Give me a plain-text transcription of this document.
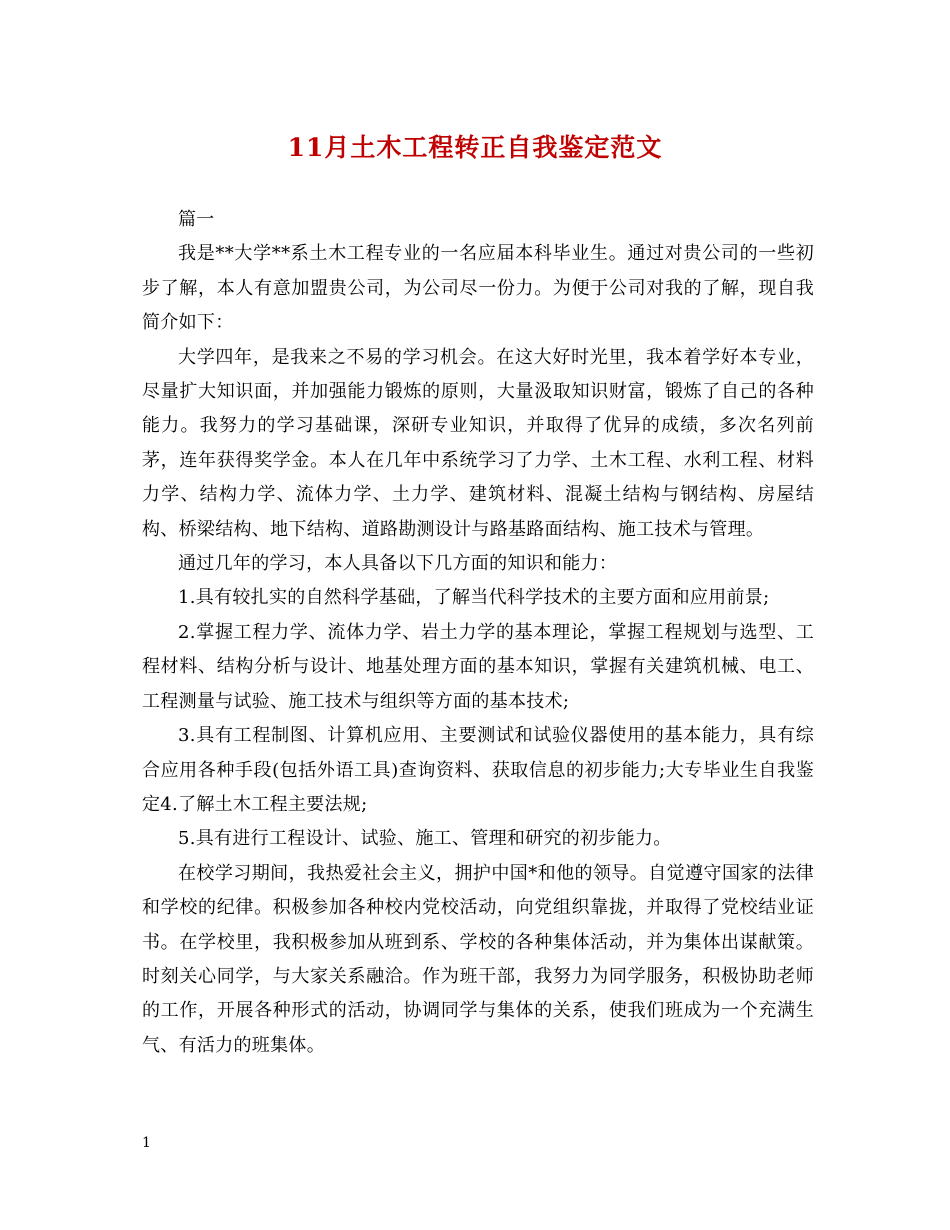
11月土木工程转正自我鉴定范文

篇一

我是**大学**系土木工程专业的一名应届本科毕业生。通过对贵公司的一些初步了解，本人有意加盟贵公司，为公司尽一份力。为便于公司对我的了解，现自我简介如下：

大学四年，是我来之不易的学习机会。在这大好时光里，我本着学好本专业，尽量扩大知识面，并加强能力锻炼的原则，大量汲取知识财富，锻炼了自己的各种能力。我努力的学习基础课，深研专业知识，并取得了优异的成绩，多次名列前茅，连年获得奖学金。本人在几年中系统学习了力学、土木工程、水利工程、材料力学、结构力学、流体力学、土力学、建筑材料、混凝土结构与钢结构、房屋结构、桥梁结构、地下结构、道路勘测设计与路基路面结构、施工技术与管理。

通过几年的学习，本人具备以下几方面的知识和能力：

1.具有较扎实的自然科学基础，了解当代科学技术的主要方面和应用前景;

2.掌握工程力学、流体力学、岩土力学的基本理论，掌握工程规划与选型、工程材料、结构分析与设计、地基处理方面的基本知识，掌握有关建筑机械、电工、工程测量与试验、施工技术与组织等方面的基本技术;

3.具有工程制图、计算机应用、主要测试和试验仪器使用的基本能力，具有综合应用各种手段(包括外语工具)查询资料、获取信息的初步能力;大专毕业生自我鉴定4.了解土木工程主要法规;

5.具有进行工程设计、试验、施工、管理和研究的初步能力。

在校学习期间，我热爱社会主义，拥护中国*和他的领导。自觉遵守国家的法律和学校的纪律。积极参加各种校内党校活动，向党组织靠拢，并取得了党校结业证书。在学校里，我积极参加从班到系、学校的各种集体活动，并为集体出谋献策。时刻关心同学，与大家关系融洽。作为班干部，我努力为同学服务，积极协助老师的工作，开展各种形式的活动，协调同学与集体的关系，使我们班成为一个充满生气、有活力的班集体。

1
